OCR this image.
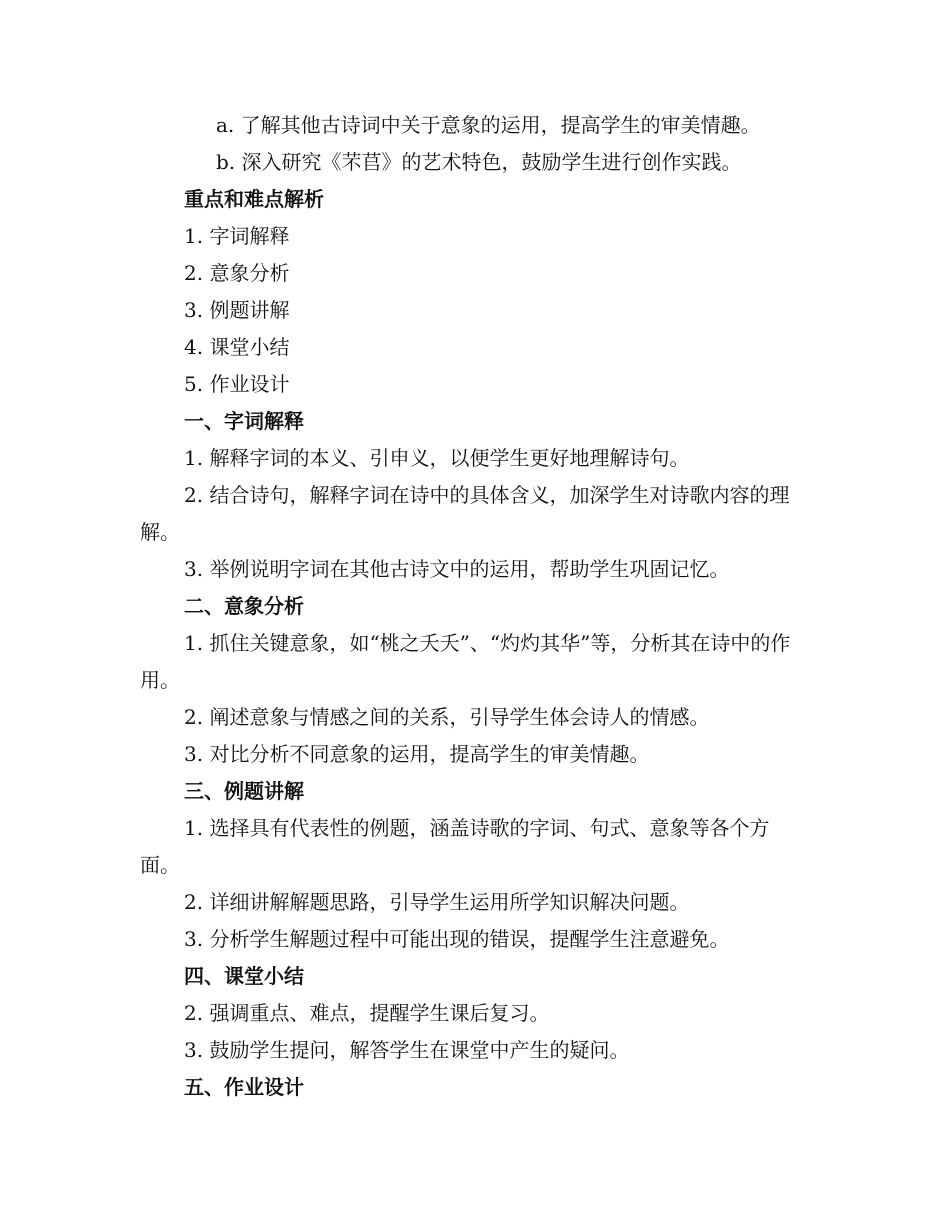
a. 了解其他古诗词中关于意象的运用，提高学生的审美情趣。

b. 深入研究《芣苢》的艺术特色，鼓励学生进行创作实践。

重点和难点解析

1. 字词解释

2. 意象分析

3. 例题讲解

4. 课堂小结

5. 作业设计

一、字词解释

1. 解释字词的本义、引申义，以便学生更好地理解诗句。

2. 结合诗句，解释字词在诗中的具体含义，加深学生对诗歌内容的理解。

3. 举例说明字词在其他古诗文中的运用，帮助学生巩固记忆。

二、意象分析

1. 抓住关键意象，如“桃之夭夭”、“灼灼其华”等，分析其在诗中的作用。

2. 阐述意象与情感之间的关系，引导学生体会诗人的情感。

3. 对比分析不同意象的运用，提高学生的审美情趣。

三、例题讲解

1. 选择具有代表性的例题，涵盖诗歌的字词、句式、意象等各个方面。

2. 详细讲解解题思路，引导学生运用所学知识解决问题。

3. 分析学生解题过程中可能出现的错误，提醒学生注意避免。

四、课堂小结

2. 强调重点、难点，提醒学生课后复习。

3. 鼓励学生提问，解答学生在课堂中产生的疑问。

五、作业设计
